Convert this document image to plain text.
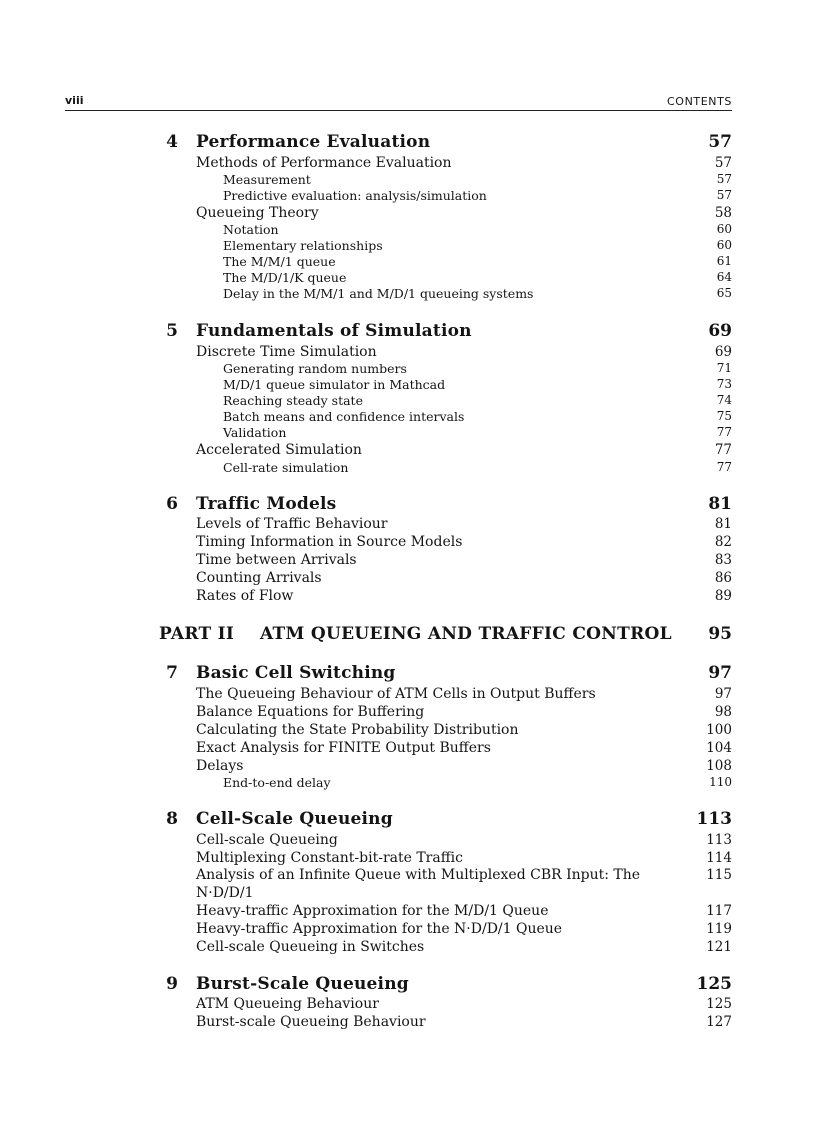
viii	CONTENTS
4 Performance Evaluation	57
Methods of Performance Evaluation	57
Measurement	57
Predictive evaluation: analysis/simulation	57
Queueing Theory	58
Notation	60
Elementary relationships	60
The M/M/1 queue	61
The M/D/1/K queue	64
Delay in the M/M/1 and M/D/1 queueing systems	65
5 Fundamentals of Simulation	69
Discrete Time Simulation	69
Generating random numbers	71
M/D/1 queue simulator in Mathcad	73
Reaching steady state	74
Batch means and confidence intervals	75
Validation	77
Accelerated Simulation	77
Cell-rate simulation	77
6 Traffic Models	81
Levels of Traffic Behaviour	81
Timing Information in Source Models	82
Time between Arrivals	83
Counting Arrivals	86
Rates of Flow	89
PART II ATM QUEUEING AND TRAFFIC CONTROL 95
7 Basic Cell Switching	97
The Queueing Behaviour of ATM Cells in Output Buffers	97
Balance Equations for Buffering	98
Calculating the State Probability Distribution	100
Exact Analysis for FINITE Output Buffers	104
Delays	108
End-to-end delay	110
8 Cell-Scale Queueing	113
Cell-scale Queueing	113
Multiplexing Constant-bit-rate Traffic	114
Analysis of an Infinite Queue with Multiplexed CBR Input: The	115
N·D/D/1
Heavy-traffic Approximation for the M/D/1 Queue	117
Heavy-traffic Approximation for the N·D/D/1 Queue	119
Cell-scale Queueing in Switches	121
9 Burst-Scale Queueing	125
ATM Queueing Behaviour	125
Burst-scale Queueing Behaviour	127
